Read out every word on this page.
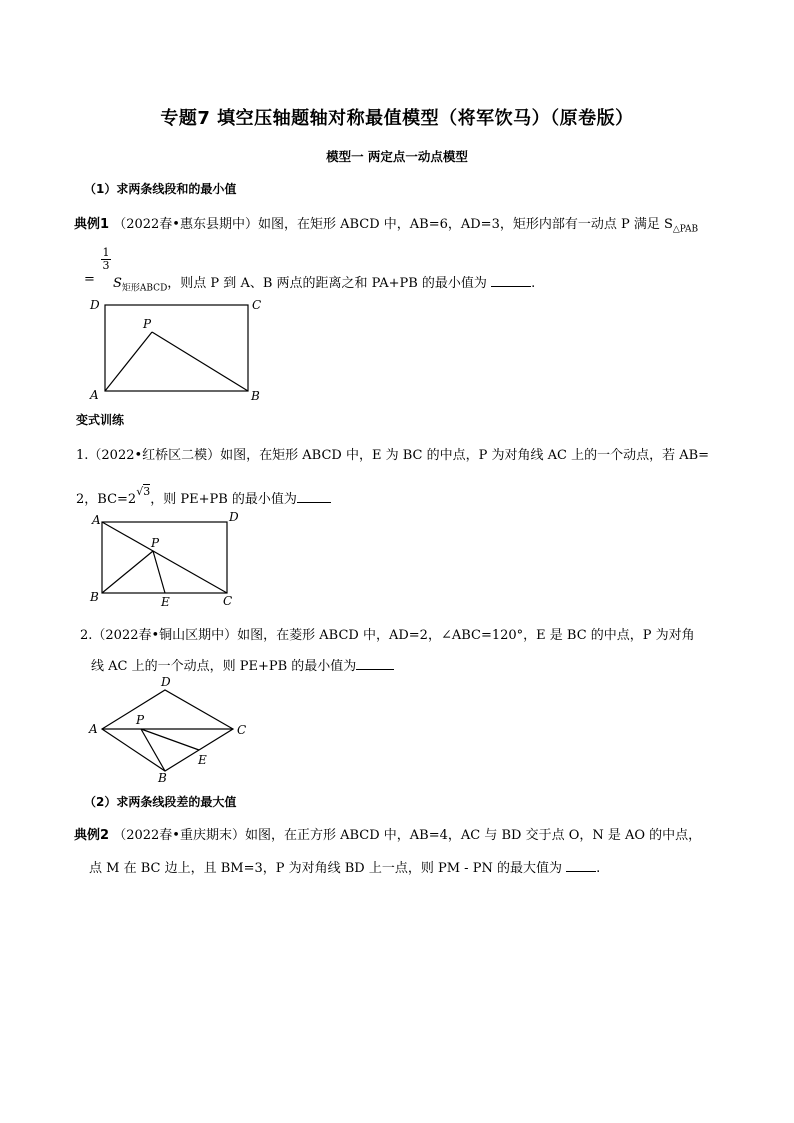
专题7 填空压轴题轴对称最值模型（将军饮马）（原卷版）
模型一 两定点一动点模型
（1）求两条线段和的最小值
典例1 （2022春•惠东县期中）如图，在矩形 ABCD 中，AB=6，AD=3，矩形内部有一动点 P 满足 $S_{\triangle PAB}$
=
$\frac{1}{3}$
$S_{矩形ABCD}$，则点 P 到 A、B 两点的距离之和 PA+PB 的最小值为	.
D	C
P
A	B
变式训练
1.（2022•红桥区二模）如图，在矩形 ABCD 中，E 为 BC 的中点，P 为对角线 AC 上的一个动点，若 AB=
2，$BC=2^{√3}$，则 PE+PB 的最小值为
A	D
P
B	E	C
2.（2022春•铜山区期中）如图，在菱形 ABCD 中，AD=2，∠ABC=120°，E 是 BC 的中点，P 为对角
线 AC 上的一个动点，则 PE+PB 的最小值为
D
P
A	C
E
B
（2）求两条线段差的最大值
典例2 （2022春•重庆期末）如图，在正方形 ABCD 中，AB=4，AC 与 BD 交于点 O，N 是 AO 的中点，
点 M 在 BC 边上，且 BM=3，P 为对角线 BD 上一点，则 PM - PN 的最大值为	.
